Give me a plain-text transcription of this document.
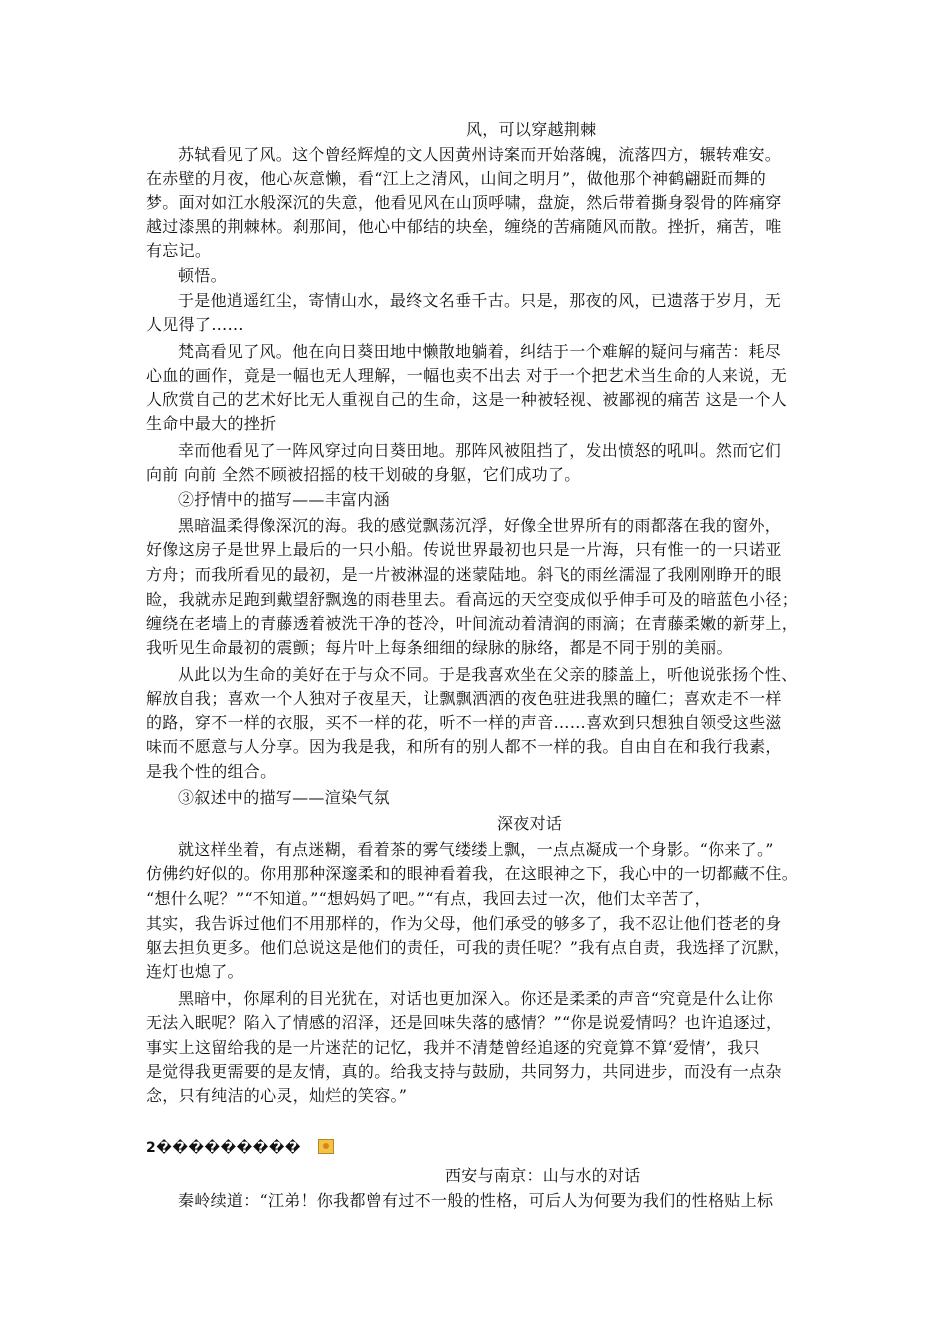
风，可以穿越荆棘
苏轼看见了风。这个曾经辉煌的文人因黄州诗案而开始落魄，流落四方，辗转难安。
在赤壁的月夜，他心灰意懒，看“江上之清风，山间之明月”，做他那个神鹤翩跹而舞的
梦。面对如江水般深沉的失意，他看见风在山顶呼啸，盘旋，然后带着撕身裂骨的阵痛穿
越过漆黑的荆棘林。刹那间，他心中郁结的块垒，缠绕的苦痛随风而散。挫折，痛苦，唯
有忘记。
顿悟。
于是他逍遥红尘，寄情山水，最终文名垂千古。只是，那夜的风，已遗落于岁月，无
人见得了……
梵高看见了风。他在向日葵田地中懒散地躺着，纠结于一个难解的疑问与痛苦：耗尽
心血的画作，竟是一幅也无人理解，一幅也卖不出去 对于一个把艺术当生命的人来说，无
人欣赏自己的艺术好比无人重视自己的生命，这是一种被轻视、被鄙视的痛苦 这是一个人
生命中最大的挫折
幸而他看见了一阵风穿过向日葵田地。那阵风被阻挡了，发出愤怒的吼叫。然而它们
向前 向前 全然不顾被招摇的枝干划破的身躯，它们成功了。
②抒情中的描写——丰富内涵
黑暗温柔得像深沉的海。我的感觉飘荡沉浮，好像全世界所有的雨都落在我的窗外，
好像这房子是世界上最后的一只小船。传说世界最初也只是一片海，只有惟一的一只诺亚
方舟；而我所看见的最初，是一片被淋湿的迷蒙陆地。斜飞的雨丝濡湿了我刚刚睁开的眼
睑，我就赤足跑到戴望舒飘逸的雨巷里去。看高远的天空变成似乎伸手可及的暗蓝色小径；
缠绕在老墙上的青藤透着被洗干净的苍冷，叶间流动着清润的雨滴；在青藤柔嫩的新芽上，
我听见生命最初的震颤；每片叶上每条细细的绿脉的脉络，都是不同于别的美丽。
从此以为生命的美好在于与众不同。于是我喜欢坐在父亲的膝盖上，听他说张扬个性、
解放自我；喜欢一个人独对子夜星天，让飘飘洒洒的夜色驻进我黑的瞳仁；喜欢走不一样
的路，穿不一样的衣服，买不一样的花，听不一样的声音……喜欢到只想独自领受这些滋
味而不愿意与人分享。因为我是我，和所有的别人都不一样的我。自由自在和我行我素，
是我个性的组合。
③叙述中的描写——渲染气氛
深夜对话
就这样坐着，有点迷糊，看着茶的雾气缕缕上飘，一点点凝成一个身影。“你来了。”
仿佛约好似的。你用那种深邃柔和的眼神看着我，在这眼神之下，我心中的一切都藏不住。
“想什么呢？”“不知道。”“想妈妈了吧。”“有点，我回去过一次，他们太辛苦了，
其实，我告诉过他们不用那样的，作为父母，他们承受的够多了，我不忍让他们苍老的身
躯去担负更多。他们总说这是他们的责任，可我的责任呢？”我有点自责，我选择了沉默，
连灯也熄了。
黑暗中，你犀利的目光犹在，对话也更加深入。你还是柔柔的声音“究竟是什么让你
无法入眠呢？陷入了情感的沼泽，还是回味失落的感情？”“你是说爱情吗？也许追逐过，
事实上这留给我的是一片迷茫的记忆，我并不清楚曾经追逐的究竟算不算‘爱情’，我只
是觉得我更需要的是友情，真的。给我支持与鼓励，共同努力，共同进步，而没有一点杂
念，只有纯洁的心灵，灿烂的笑容。”
2���������
西安与南京：山与水的对话
秦岭续道：“江弟！你我都曾有过不一般的性格，可后人为何要为我们的性格贴上标
